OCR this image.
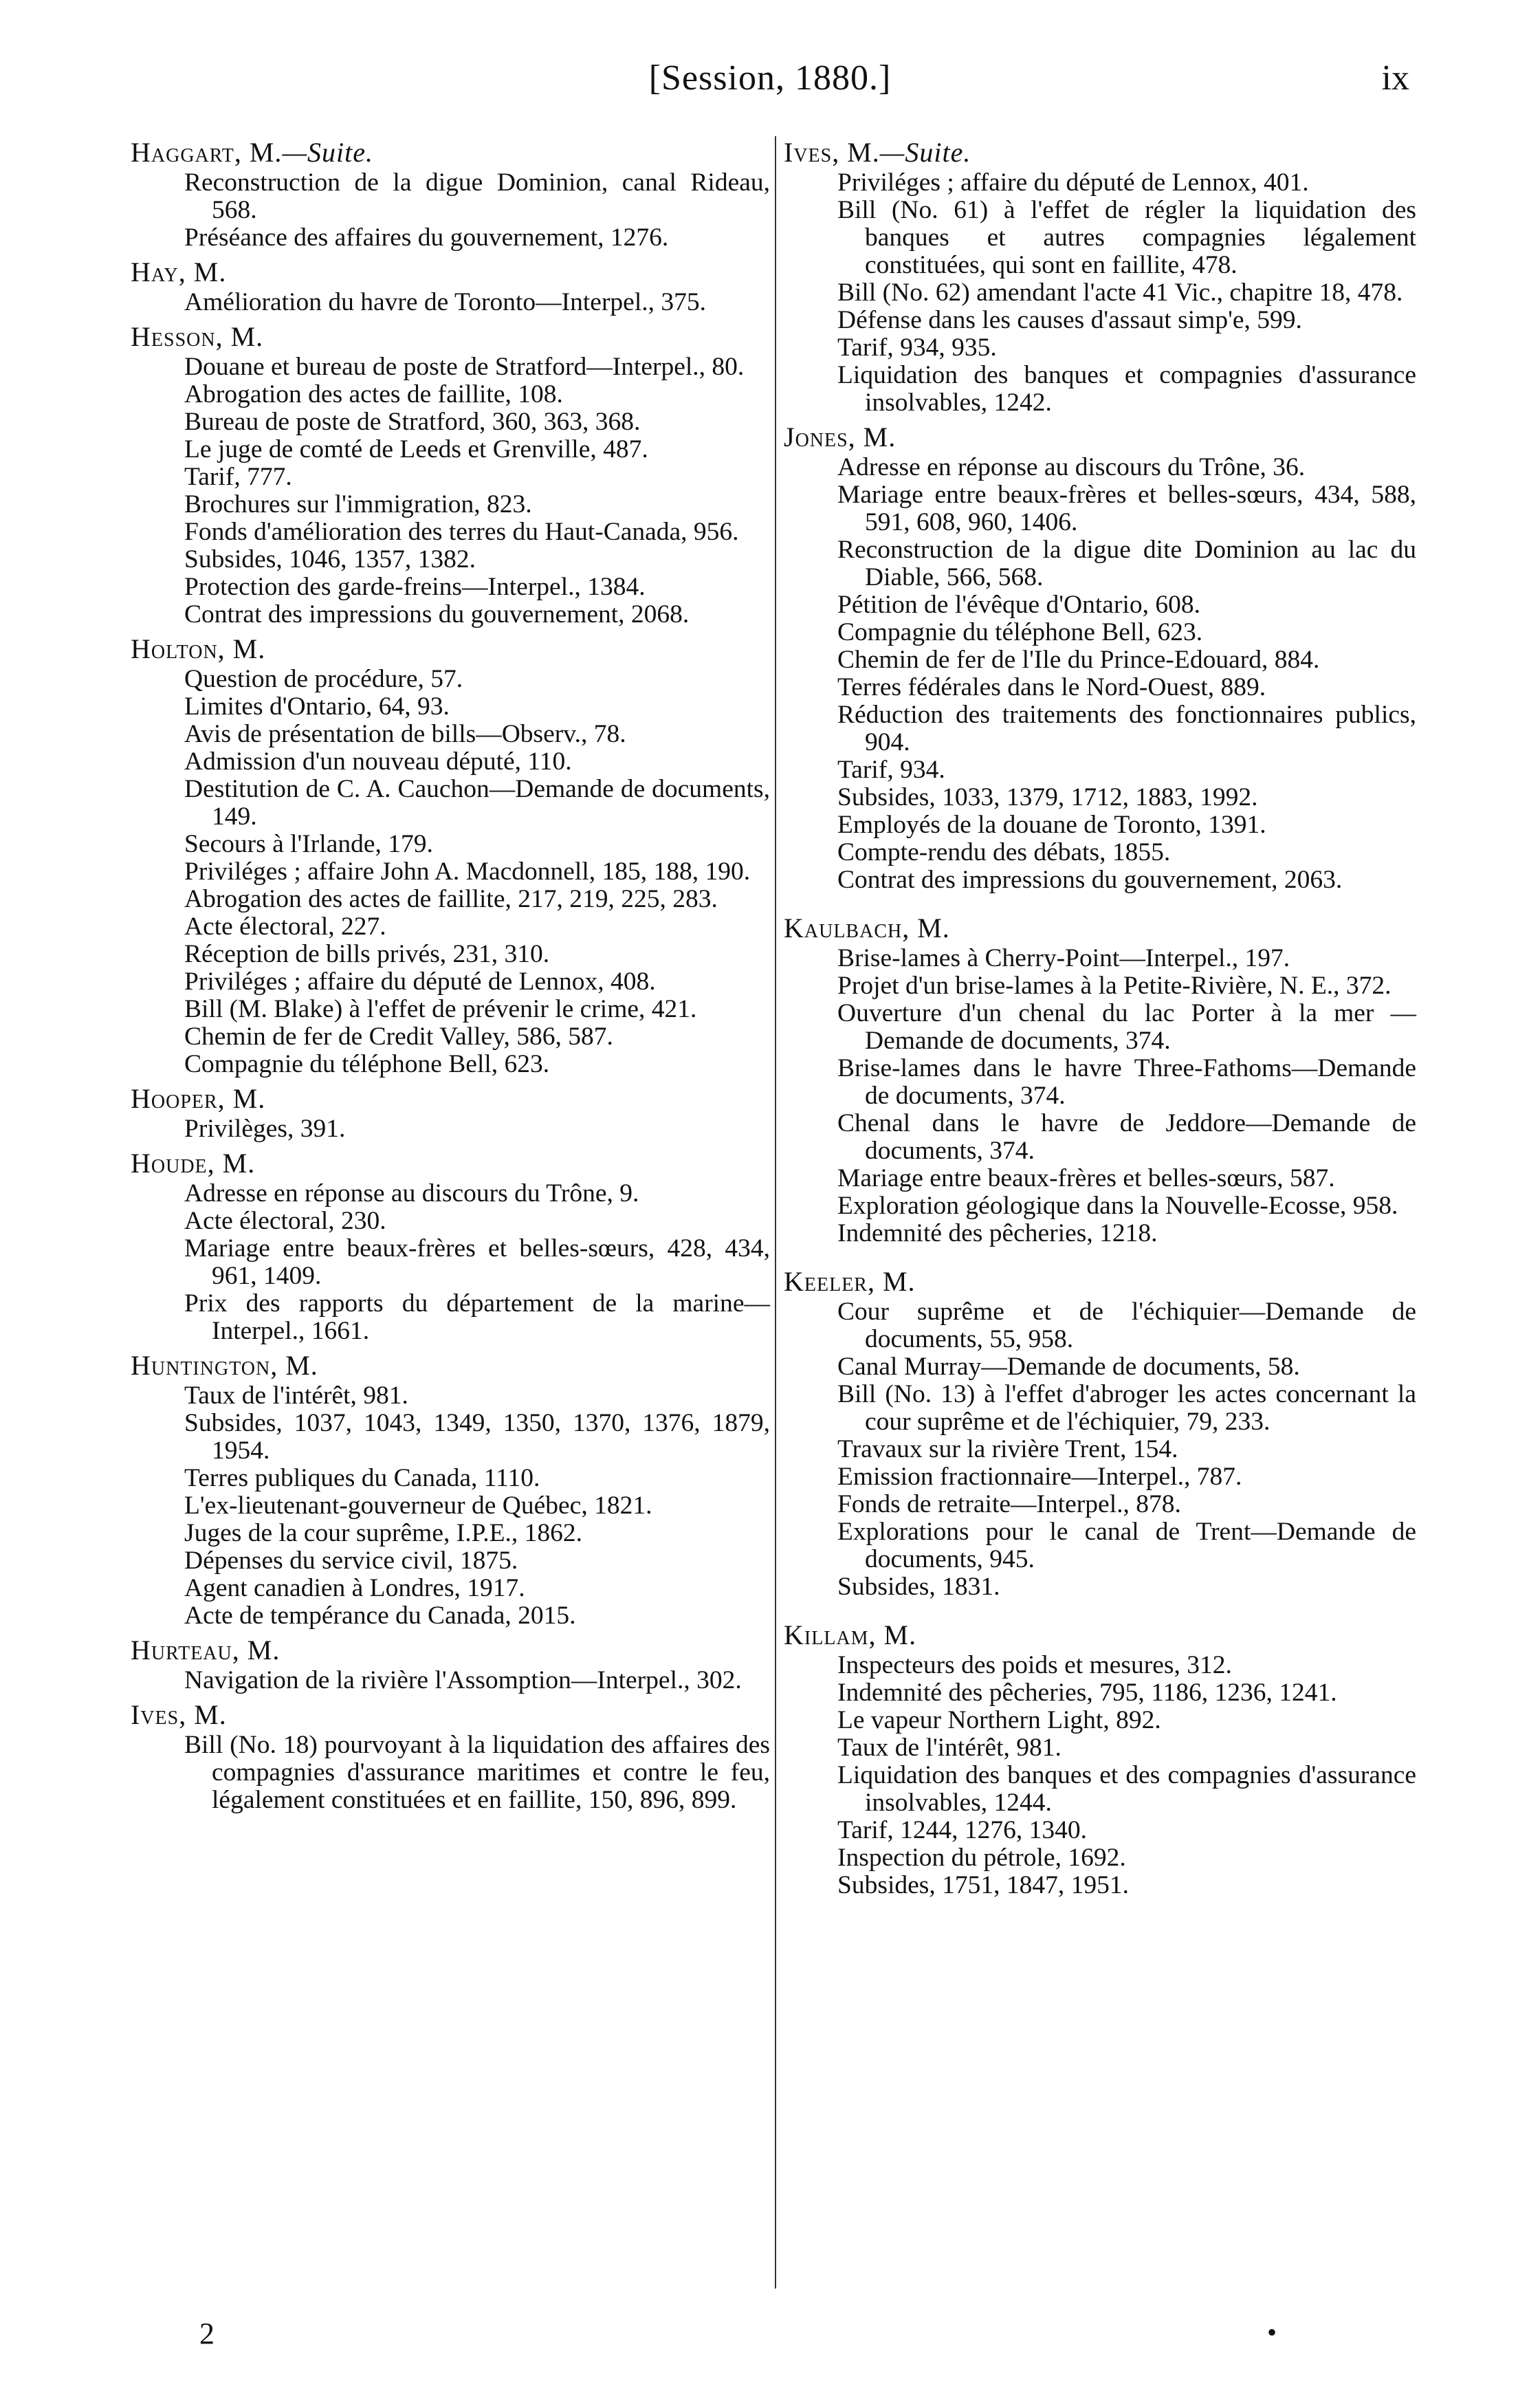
[Session, 1880.]	ix
Haggart, M.—Suite.
Reconstruction de la digue Dominion, canal Rideau, 568.
Préséance des affaires du gouvernement, 1276.
Hay, M.
Amélioration du havre de Toronto—Interpel., 375.
Hesson, M.
Douane et bureau de poste de Stratford—Interpel., 80.
Abrogation des actes de faillite, 108.
Bureau de poste de Stratford, 360, 363, 368.
Le juge de comté de Leeds et Grenville, 487.
Tarif, 777.
Brochures sur l'immigration, 823.
Fonds d'amélioration des terres du Haut-Canada, 956.
Subsides, 1046, 1357, 1382.
Protection des garde-freins—Interpel., 1384.
Contrat des impressions du gouvernement, 2068.
Holton, M.
Question de procédure, 57.
Limites d'Ontario, 64, 93.
Avis de présentation de bills—Observ., 78.
Admission d'un nouveau député, 110.
Destitution de C. A. Cauchon—Demande de documents, 149.
Secours à l'Irlande, 179.
Priviléges ; affaire John A. Macdonnell, 185, 188, 190.
Abrogation des actes de faillite, 217, 219, 225, 283.
Acte électoral, 227.
Réception de bills privés, 231, 310.
Priviléges ; affaire du député de Lennox, 408.
Bill (M. Blake) à l'effet de prévenir le crime, 421.
Chemin de fer de Credit Valley, 586, 587.
Compagnie du téléphone Bell, 623.
Hooper, M.
Privilèges, 391.
Houde, M.
Adresse en réponse au discours du Trône, 9.
Acte électoral, 230.
Mariage entre beaux-frères et belles-sœurs, 428, 434, 961, 1409.
Prix des rapports du département de la marine—Interpel., 1661.
Huntington, M.
Taux de l'intérêt, 981.
Subsides, 1037, 1043, 1349, 1350, 1370, 1376, 1879, 1954.
Terres publiques du Canada, 1110.
L'ex-lieutenant-gouverneur de Québec, 1821.
Juges de la cour suprême, I.P.E., 1862.
Dépenses du service civil, 1875.
Agent canadien à Londres, 1917.
Acte de tempérance du Canada, 2015.
Hurteau, M.
Navigation de la rivière l'Assomption—Interpel., 302.
Ives, M.
Bill (No. 18) pourvoyant à la liquidation des affaires des compagnies d'assurance maritimes et contre le feu, légalement constituées et en faillite, 150, 896, 899.
Ives, M.—Suite.
Priviléges ; affaire du député de Lennox, 401.
Bill (No. 61) à l'effet de régler la liquidation des banques et autres compagnies légalement constituées, qui sont en faillite, 478.
Bill (No. 62) amendant l'acte 41 Vic., chapitre 18, 478.
Défense dans les causes d'assaut simp'e, 599.
Tarif, 934, 935.
Liquidation des banques et compagnies d'assurance insolvables, 1242.
Jones, M.
Adresse en réponse au discours du Trône, 36.
Mariage entre beaux-frères et belles-sœurs, 434, 588, 591, 608, 960, 1406.
Reconstruction de la digue dite Dominion au lac du Diable, 566, 568.
Pétition de l'évêque d'Ontario, 608.
Compagnie du téléphone Bell, 623.
Chemin de fer de l'Ile du Prince-Edouard, 884.
Terres fédérales dans le Nord-Ouest, 889.
Réduction des traitements des fonctionnaires publics, 904.
Tarif, 934.
Subsides, 1033, 1379, 1712, 1883, 1992.
Employés de la douane de Toronto, 1391.
Compte-rendu des débats, 1855.
Contrat des impressions du gouvernement, 2063.
Kaulbach, M.
Brise-lames à Cherry-Point—Interpel., 197.
Projet d'un brise-lames à la Petite-Rivière, N. E., 372.
Ouverture d'un chenal du lac Porter à la mer —Demande de documents, 374.
Brise-lames dans le havre Three-Fathoms—Demande de documents, 374.
Chenal dans le havre de Jeddore—Demande de documents, 374.
Mariage entre beaux-frères et belles-sœurs, 587.
Exploration géologique dans la Nouvelle-Ecosse, 958.
Indemnité des pêcheries, 1218.
Keeler, M.
Cour suprême et de l'échiquier—Demande de documents, 55, 958.
Canal Murray—Demande de documents, 58.
Bill (No. 13) à l'effet d'abroger les actes concernant la cour suprême et de l'échiquier, 79, 233.
Travaux sur la rivière Trent, 154.
Emission fractionnaire—Interpel., 787.
Fonds de retraite—Interpel., 878.
Explorations pour le canal de Trent—Demande de documents, 945.
Subsides, 1831.
Killam, M.
Inspecteurs des poids et mesures, 312.
Indemnité des pêcheries, 795, 1186, 1236, 1241.
Le vapeur Northern Light, 892.
Taux de l'intérêt, 981.
Liquidation des banques et des compagnies d'assurance insolvables, 1244.
Tarif, 1244, 1276, 1340.
Inspection du pétrole, 1692.
Subsides, 1751, 1847, 1951.
2	•
